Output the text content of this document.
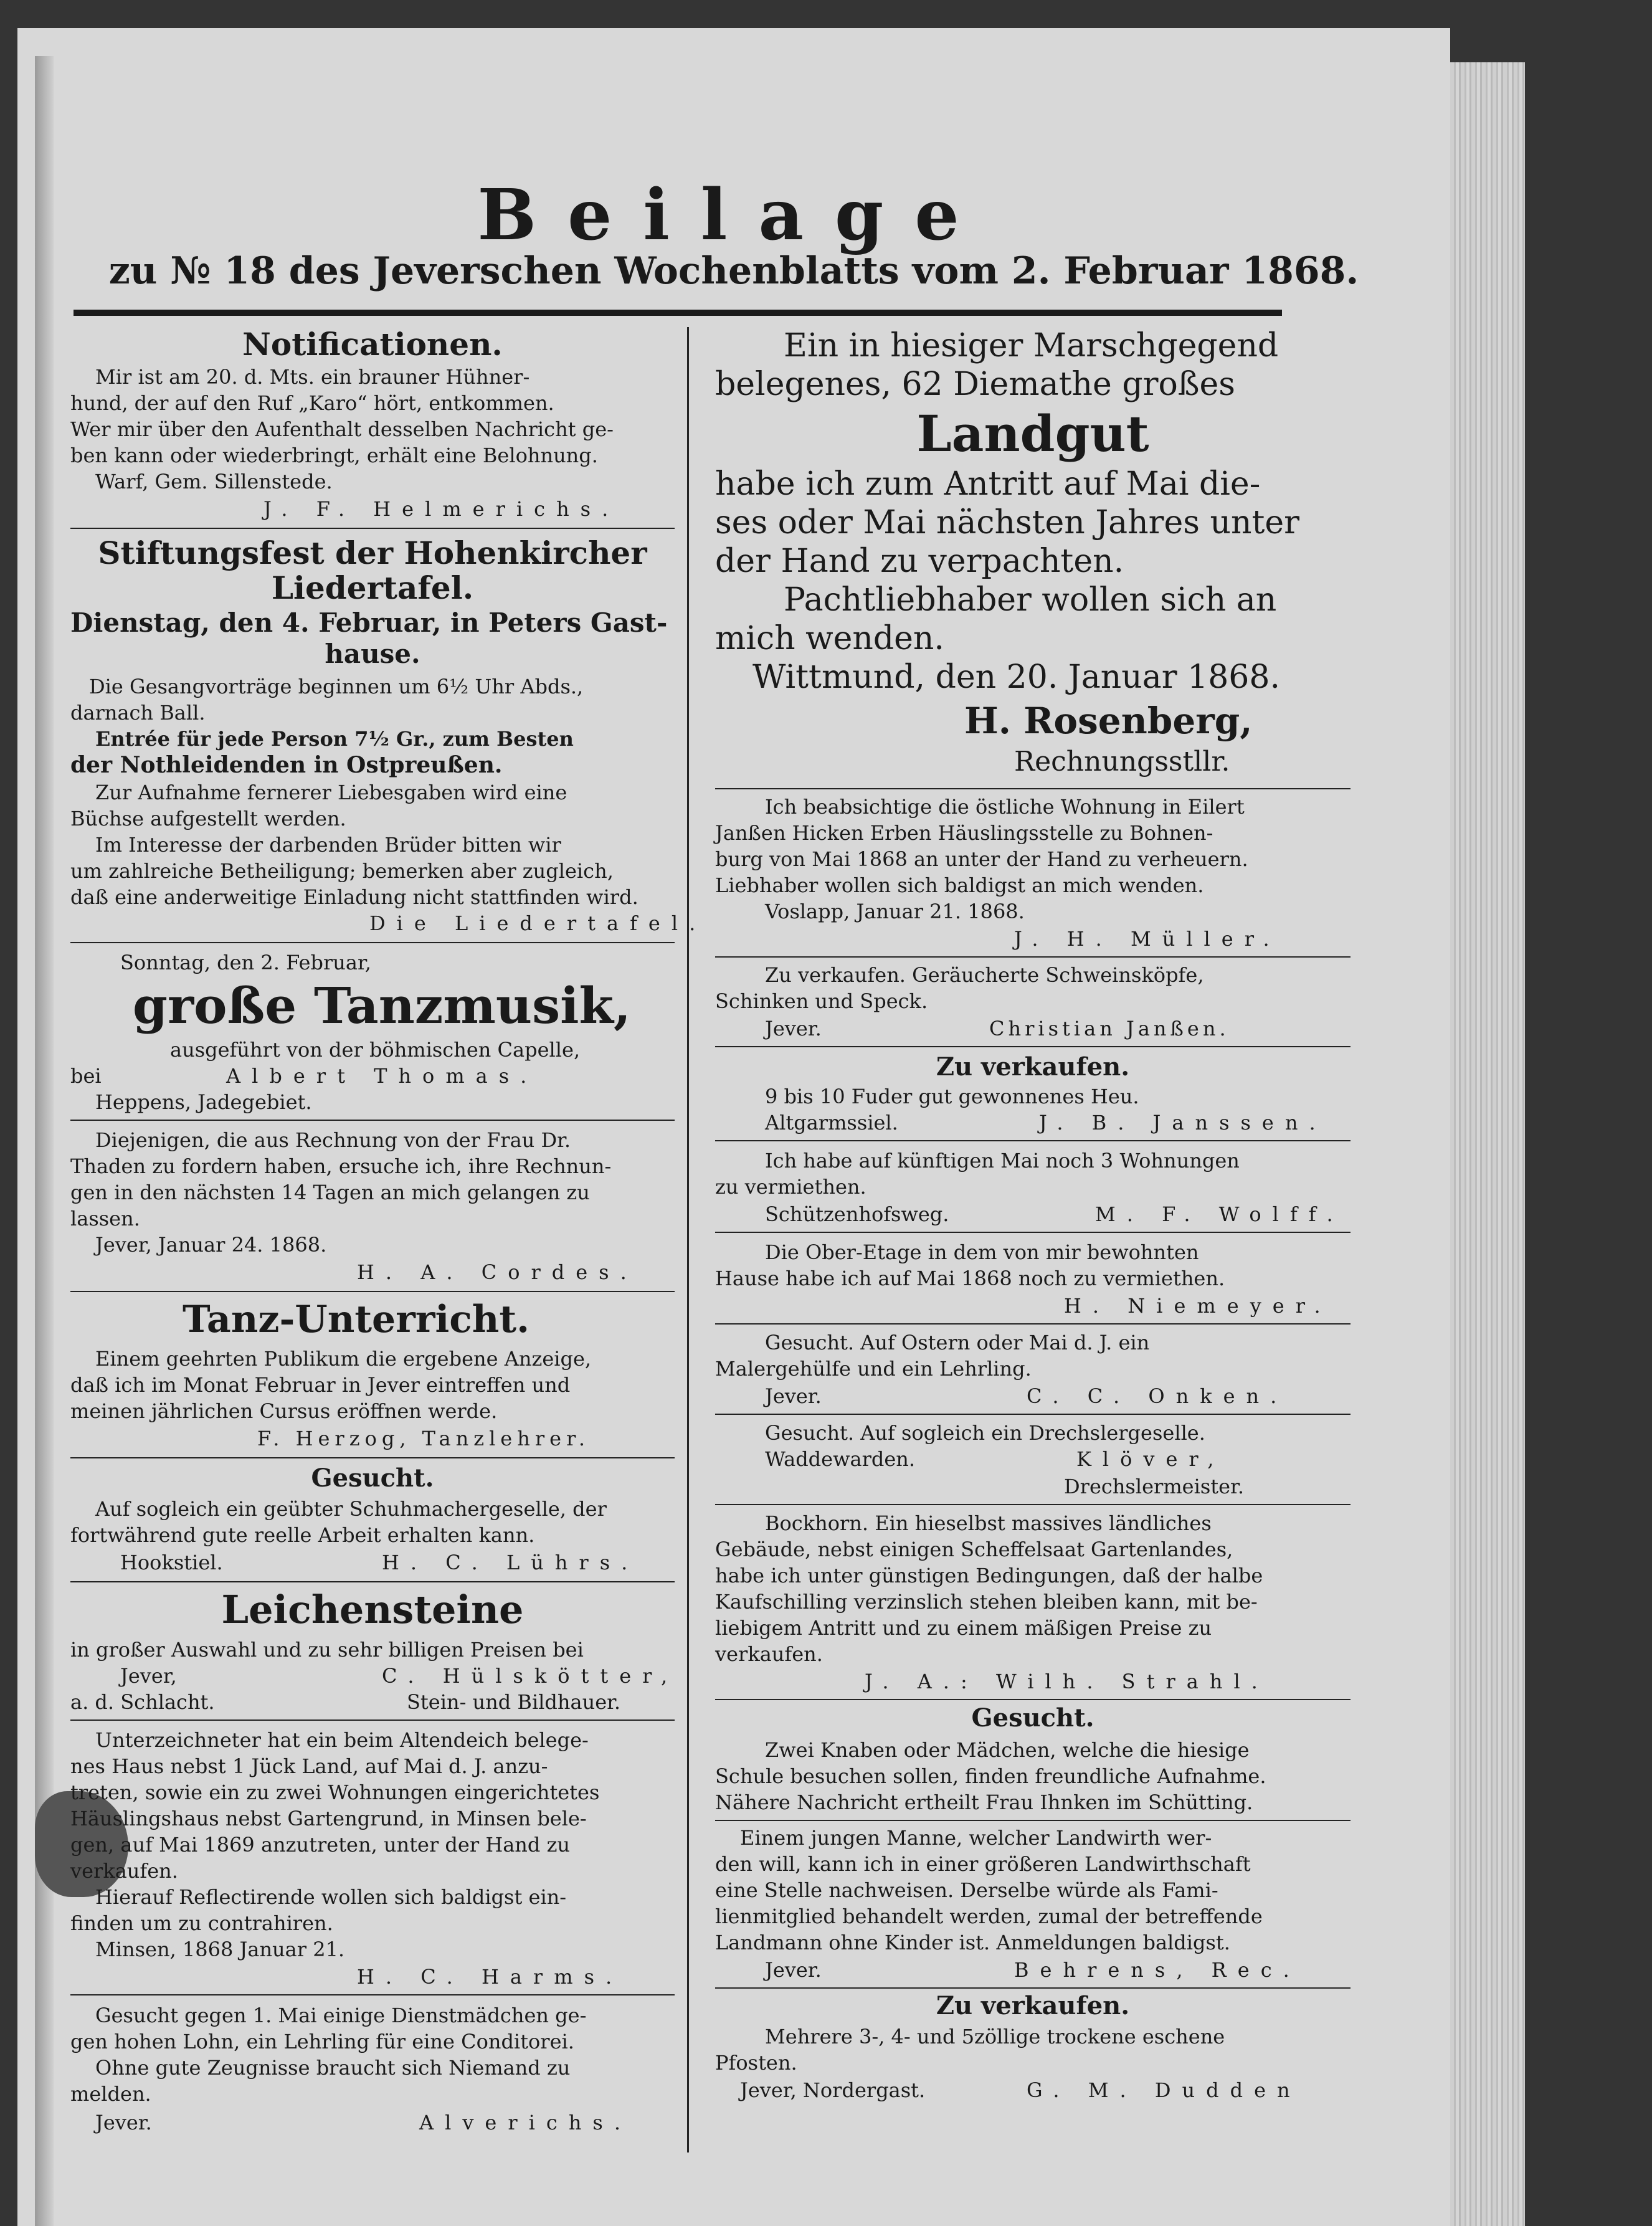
Beilage
zu № 18 des Jeverschen Wochenblatts vom 2. Februar 1868.
Notificationen.
Mir ist am 20. d. Mts. ein brauner Hühner-
hund, der auf den Ruf „Karo“ hört, entkommen.
Wer mir über den Aufenthalt desselben Nachricht ge-
ben kann oder wiederbringt, erhält eine Belohnung.
Warf, Gem. Sillenstede.
J. F. Helmerichs.
Stiftungsfest der Hohenkircher
Liedertafel.
Dienstag, den 4. Februar, in Peters Gast-
hause.
Die Gesangvorträge beginnen um 6½ Uhr Abds.,
darnach Ball.
Entrée für jede Person 7½ Gr., zum Besten
der Nothleidenden in Ostpreußen.
Zur Aufnahme fernerer Liebesgaben wird eine
Büchse aufgestellt werden.
Im Interesse der darbenden Brüder bitten wir
um zahlreiche Betheiligung; bemerken aber zugleich,
daß eine anderweitige Einladung nicht stattfinden wird.
Die Liedertafel.
Sonntag, den 2. Februar,
große Tanzmusik,
ausgeführt von der böhmischen Capelle,
bei	Albert Thomas.
Heppens, Jadegebiet.
Diejenigen, die aus Rechnung von der Frau Dr.
Thaden zu fordern haben, ersuche ich, ihre Rechnun-
gen in den nächsten 14 Tagen an mich gelangen zu
lassen.
Jever, Januar 24. 1868.
H. A. Cordes.
Tanz-Unterricht.
Einem geehrten Publikum die ergebene Anzeige,
daß ich im Monat Februar in Jever eintreffen und
meinen jährlichen Cursus eröffnen werde.
F. Herzog, Tanzlehrer.
Gesucht.
Auf sogleich ein geübter Schuhmachergeselle, der
fortwährend gute reelle Arbeit erhalten kann.
Hookstiel.	H. C. Lührs.
Leichensteine
in großer Auswahl und zu sehr billigen Preisen bei
Jever,	C. Hülskötter,
a. d. Schlacht.	Stein- und Bildhauer.
Unterzeichneter hat ein beim Altendeich belege-
nes Haus nebst 1 Jück Land, auf Mai d. J. anzu-
treten, sowie ein zu zwei Wohnungen eingerichtetes
Häuslingshaus nebst Gartengrund, in Minsen bele-
gen, auf Mai 1869 anzutreten, unter der Hand zu
verkaufen.
Hierauf Reflectirende wollen sich baldigst ein-
finden um zu contrahiren.
Minsen, 1868 Januar 21.
H. C. Harms.
Gesucht gegen 1. Mai einige Dienstmädchen ge-
gen hohen Lohn, ein Lehrling für eine Conditorei.
Ohne gute Zeugnisse braucht sich Niemand zu
melden.
Jever.	Alverichs.
Ein in hiesiger Marschgegend
belegenes, 62 Diemathe großes
Landgut
habe ich zum Antritt auf Mai die-
ses oder Mai nächsten Jahres unter
der Hand zu verpachten.
Pachtliebhaber wollen sich an
mich wenden.
Wittmund, den 20. Januar 1868.
H. Rosenberg,
Rechnungsstllr.
Ich beabsichtige die östliche Wohnung in Eilert
Janßen Hicken Erben Häuslingsstelle zu Bohnen-
burg von Mai 1868 an unter der Hand zu verheuern.
Liebhaber wollen sich baldigst an mich wenden.
Voslapp, Januar 21. 1868.
J. H. Müller.
Zu verkaufen. Geräucherte Schweinsköpfe,
Schinken und Speck.
Jever.	Christian Janßen.
Zu verkaufen.
9 bis 10 Fuder gut gewonnenes Heu.
Altgarmssiel.	J. B. Janssen.
Ich habe auf künftigen Mai noch 3 Wohnungen
zu vermiethen.
Schützenhofsweg.	M. F. Wolff.
Die Ober-Etage in dem von mir bewohnten
Hause habe ich auf Mai 1868 noch zu vermiethen.
H. Niemeyer.
Gesucht. Auf Ostern oder Mai d. J. ein
Malergehülfe und ein Lehrling.
Jever.	C. C. Onken.
Gesucht. Auf sogleich ein Drechslergeselle.
Waddewarden.	Klöver,
Drechslermeister.
Bockhorn. Ein hieselbst massives ländliches
Gebäude, nebst einigen Scheffelsaat Gartenlandes,
habe ich unter günstigen Bedingungen, daß der halbe
Kaufschilling verzinslich stehen bleiben kann, mit be-
liebigem Antritt und zu einem mäßigen Preise zu
verkaufen.
J. A.: Wilh. Strahl.
Gesucht.
Zwei Knaben oder Mädchen, welche die hiesige
Schule besuchen sollen, finden freundliche Aufnahme.
Nähere Nachricht ertheilt Frau Ihnken im Schütting.
Einem jungen Manne, welcher Landwirth wer-
den will, kann ich in einer größeren Landwirthschaft
eine Stelle nachweisen. Derselbe würde als Fami-
lienmitglied behandelt werden, zumal der betreffende
Landmann ohne Kinder ist. Anmeldungen baldigst.
Jever.	Behrens, Rec.
Zu verkaufen.
Mehrere 3-, 4- und 5zöllige trockene eschene
Pfosten.
Jever, Nordergast.	G. M. Dudden
